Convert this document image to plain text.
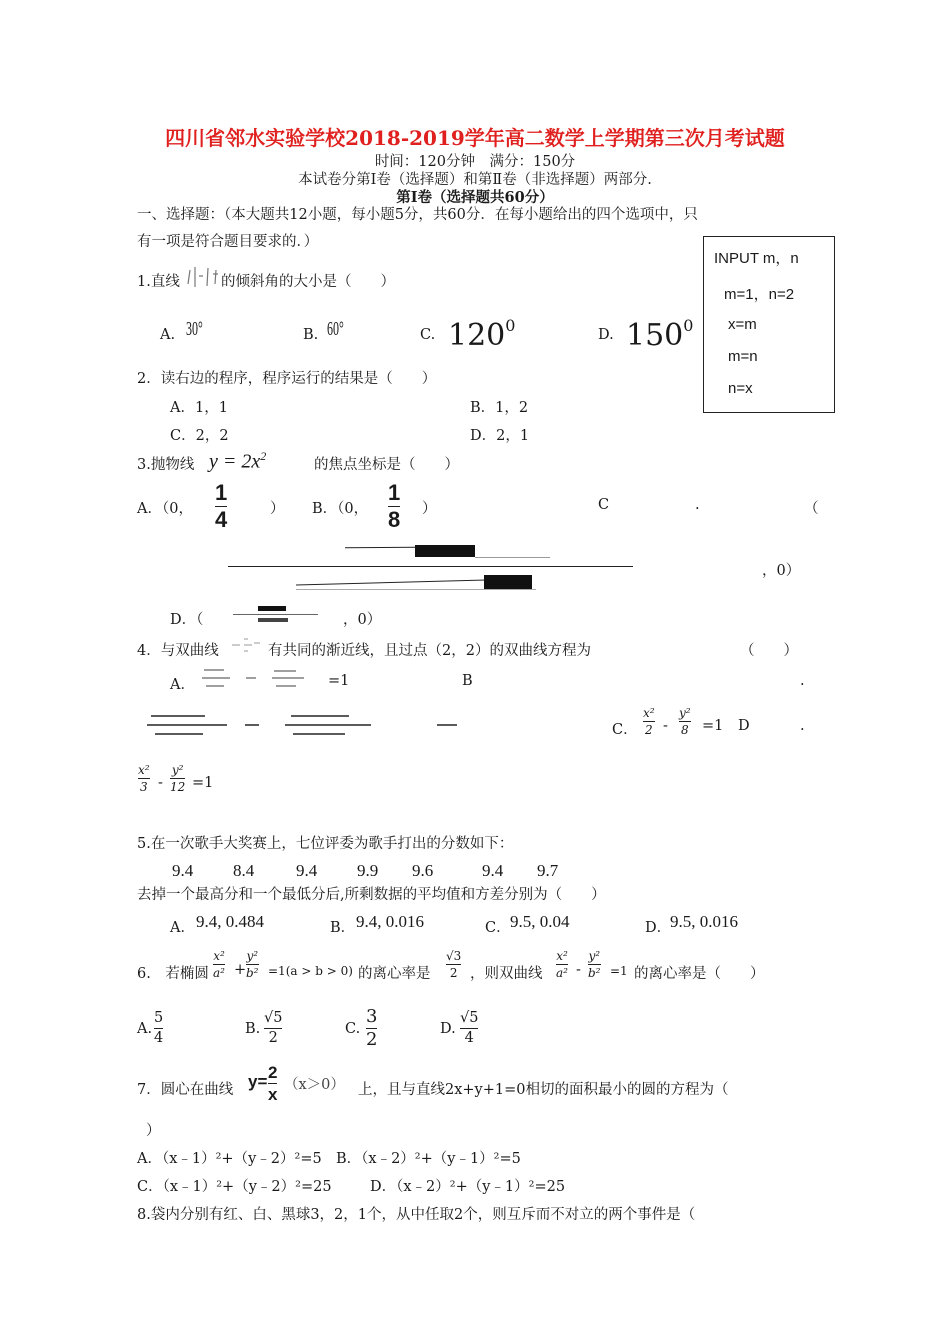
四川省邻水实验学校2018-2019学年高二数学上学期第三次月考试题
时间：120分钟　满分：150分
本试卷分第Ⅰ卷（选择题）和第Ⅱ卷（非选择题）两部分.
第Ⅰ卷（选择题共60分）
一、选择题：（本大题共12小题，每小题5分，共60分．在每小题给出的四个选项中，只
有一项是符合题目要求的．）
INPUT m，n
m=1，n=2
x=m
m=n
n=x
1.直线	的倾斜角的大小是（　　）
A. 30°	B. 60°	C. $120^0$	D. $150^0$
2．读右边的程序，程序运行的结果是（　　）
A．1，1	B．1，2
C．2，2	D．2，1
3.抛物线 $y = 2x^2$
的焦点坐标是（　　）
A．（0，
1
4	） B．（0，
1
8 ）	C	.	（
，0）
D．（	，0）
4．与双曲线	有共同的渐近线，且过点（2，2）的双曲线方程为	（　　）
A．	=1	B	.
C．
x²
2 -
y²
8 =1 D	.
x²
3 -
y²
12 =1
5.在一次歌手大奖赛上，七位评委为歌手打出的分数如下：
9.4 8.4 9.4 9.9 9.6	9.4 9.7
去掉一个最高分和一个最低分后,所剩数据的平均值和方差分别为（　　）
A． 9.4, 0.484	B． 9.4, 0.016	C． 9.5, 0.04	D．
9.5, 0.016
6.　若椭圆
x²
a² +
y²
b² =1(a > b > 0) 的离心率是
√3
2 ，则双曲线
x²
a² -
y²
b² =1 的离心率是（　　）
A.
5
4
B.
√5
2
C.
3
2	D.
√5
4
7．圆心在曲线 y= 2
x （x＞0） 上，且与直线2x+y+1=0相切的面积最小的圆的方程为（
）
A．（x﹣1）²+（y﹣2）²=5 B．（x﹣2）²+（y﹣1）²=5
C．（x﹣1）²+（y﹣2）²=25	D．（x﹣2）²+（y﹣1）²=25
8.袋内分别有红、白、黑球3，2，1个，从中任取2个，则互斥而不对立的两个事件是（
